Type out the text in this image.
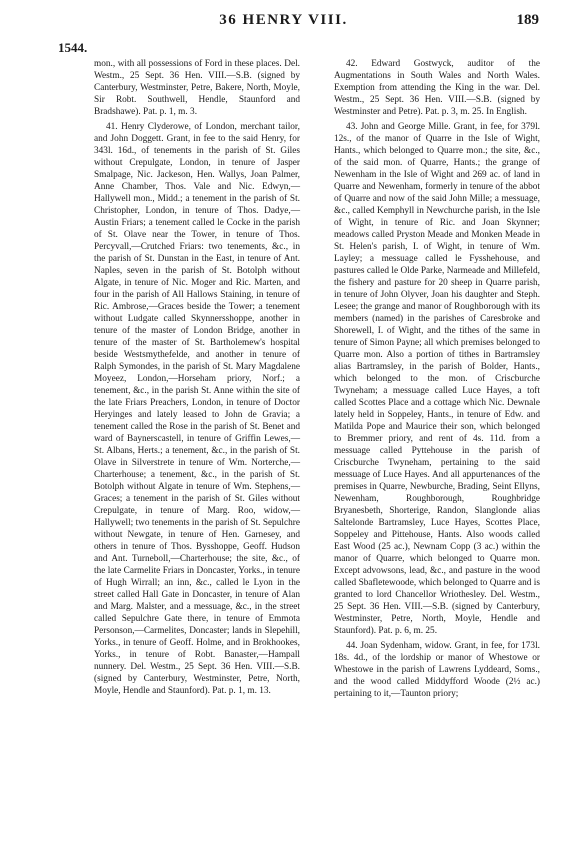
36 HENRY VIII.	189
1544.

mon., with all possessions of Ford in these places. Del. Westm., 25 Sept. 36 Hen. VIII.—S.B. (signed by Canterbury, Westminster, Petre, Bakere, North, Moyle, Sir Robt. Southwell, Hendle, Staunford and Bradshawe). Pat. p. 1, m. 3.

41. Henry Clyderowe, of London, merchant tailor, and John Doggett. Grant, in fee to the said Henry, for 343l. 16d., of tenements in the parish of St. Giles without Crepulgate, London, in tenure of Jasper Smalpage, Nic. Jackeson, Hen. Wallys, Joan Palmer, Anne Chamber, Thos. Vale and Nic. Edwyn,—Hallywell mon., Midd.; a tenement in the parish of St. Christopher, London, in tenure of Thos. Dadye,—Austin Friars; a tenement called le Cocke in the parish of St. Olave near the Tower, in tenure of Thos. Percyvall,—Crutched Friars: two tenements, &c., in the parish of St. Dunstan in the East, in tenure of Ant. Naples, seven in the parish of St. Botolph without Algate, in tenure of Nic. Moger and Ric. Marten, and four in the parish of All Hallows Staining, in tenure of Ric. Ambrose,—Graces beside the Tower; a tenement without Ludgate called Skynnersshoppe, another in tenure of the master of London Bridge, another in tenure of the master of St. Bartholemew's hospital beside Westsmythefelde, and another in tenure of Ralph Symondes, in the parish of St. Mary Magdalene Moyeez, London,—Horseham priory, Norf.; a tenement, &c., in the parish St. Anne within the site of the late Friars Preachers, London, in tenure of Doctor Heryinges and lately leased to John de Gravia; a tenement called the Rose in the parish of St. Benet and ward of Baynerscastell, in tenure of Griffin Lewes,—St. Albans, Herts.; a tenement, &c., in the parish of St. Olave in Silverstrete in tenure of Wm. Norterche,—Charterhouse; a tenement, &c., in the parish of St. Botolph without Algate in tenure of Wm. Stephens,—Graces; a tenement in the parish of St. Giles without Crepulgate, in tenure of Marg. Roo, widow,—Hallywell; two tenements in the parish of St. Sepulchre without Newgate, in tenure of Hen. Garnesey, and others in tenure of Thos. Bysshoppe, Geoff. Hudson and Ant. Turneboll,—Charterhouse; the site, &c., of the late Carmelite Friars in Doncaster, Yorks., in tenure of Hugh Wirrall; an inn, &c., called le Lyon in the street called Hall Gate in Doncaster, in tenure of Alan and Marg. Malster, and a messuage, &c., in the street called Sepulchre Gate there, in tenure of Emmota Personson,—Carmelites, Doncaster; lands in Slepehill, Yorks., in tenure of Geoff. Holme, and in Brokhookes, Yorks., in tenure of Robt. Banaster,—Hampall nunnery. Del. Westm., 25 Sept. 36 Hen. VIII.—S.B. (signed by Canterbury, Westminster, Petre, North, Moyle, Hendle and Staunford). Pat. p. 1, m. 13.

42. Edward Gostwyck, auditor of the Augmentations in South Wales and North Wales. Exemption from attending the King in the war. Del. Westm., 25 Sept. 36 Hen. VIII.—S.B. (signed by Westminster and Petre). Pat. p. 3, m. 25. In English.

43. John and George Mille. Grant, in fee, for 379l. 12s., of the manor of Quarre in the Isle of Wight, Hants., which belonged to Quarre mon.; the site, &c., of the said mon. of Quarre, Hants.; the grange of Newenham in the Isle of Wight and 269 ac. of land in Quarre and Newenham, formerly in tenure of the abbot of Quarre and now of the said John Mille; a messuage, &c., called Kemphyll in Newchurche parish, in the Isle of Wight, in tenure of Ric. and Joan Skynner; meadows called Pryston Meade and Monken Meade in St. Helen's parish, I. of Wight, in tenure of Wm. Layley; a messuage called le Fysshehouse, and pastures called le Olde Parke, Narmeade and Millefeld, the fishery and pasture for 20 sheep in Quarre parish, in tenure of John Olyver, Joan his daughter and Steph. Lesee; the grange and manor of Roughborough with its members (named) in the parishes of Caresbroke and Shorewell, I. of Wight, and the tithes of the same in tenure of Simon Payne; all which premises belonged to Quarre mon. Also a portion of tithes in Bartramsley alias Bartramsley, in the parish of Bolder, Hants., which belonged to the mon. of Criscburche Twyneham; a messuage called Luce Hayes, a toft called Scottes Place and a cottage which Nic. Dewnale lately held in Soppeley, Hants., in tenure of Edw. and Matilda Pope and Maurice their son, which belonged to Bremmer priory, and rent of 4s. 11d. from a messuage called Pyttehouse in the parish of Criscburche Twyneham, pertaining to the said messuage of Luce Hayes. And all appurtenances of the premises in Quarre, Newburche, Brading, Seint Ellyns, Newenham, Roughborough, Roughbridge Bryanesbeth, Shorterige, Randon, Slanglonde alias Saltelonde Bartramsley, Luce Hayes, Scottes Place, Soppeley and Pittehouse, Hants. Also woods called East Wood (25 ac.), Newnam Copp (3 ac.) within the manor of Quarre, which belonged to Quarre mon. Except advowsons, lead, &c., and pasture in the wood called Sbafletewoode, which belonged to Quarre and is granted to lord Chancellor Wriothesley. Del. Westm., 25 Sept. 36 Hen. VIII.—S.B. (signed by Canterbury, Westminster, Petre, North, Moyle, Hendle and Staunford). Pat. p. 6, m. 25.

44. Joan Sydenham, widow. Grant, in fee, for 173l. 18s. 4d., of the lordship or manor of Whestowe or Whestowe in the parish of Lawrens Lyddeard, Soms., and the wood called Middyfford Woode (2½ ac.) pertaining to it,—Taunton priory;
